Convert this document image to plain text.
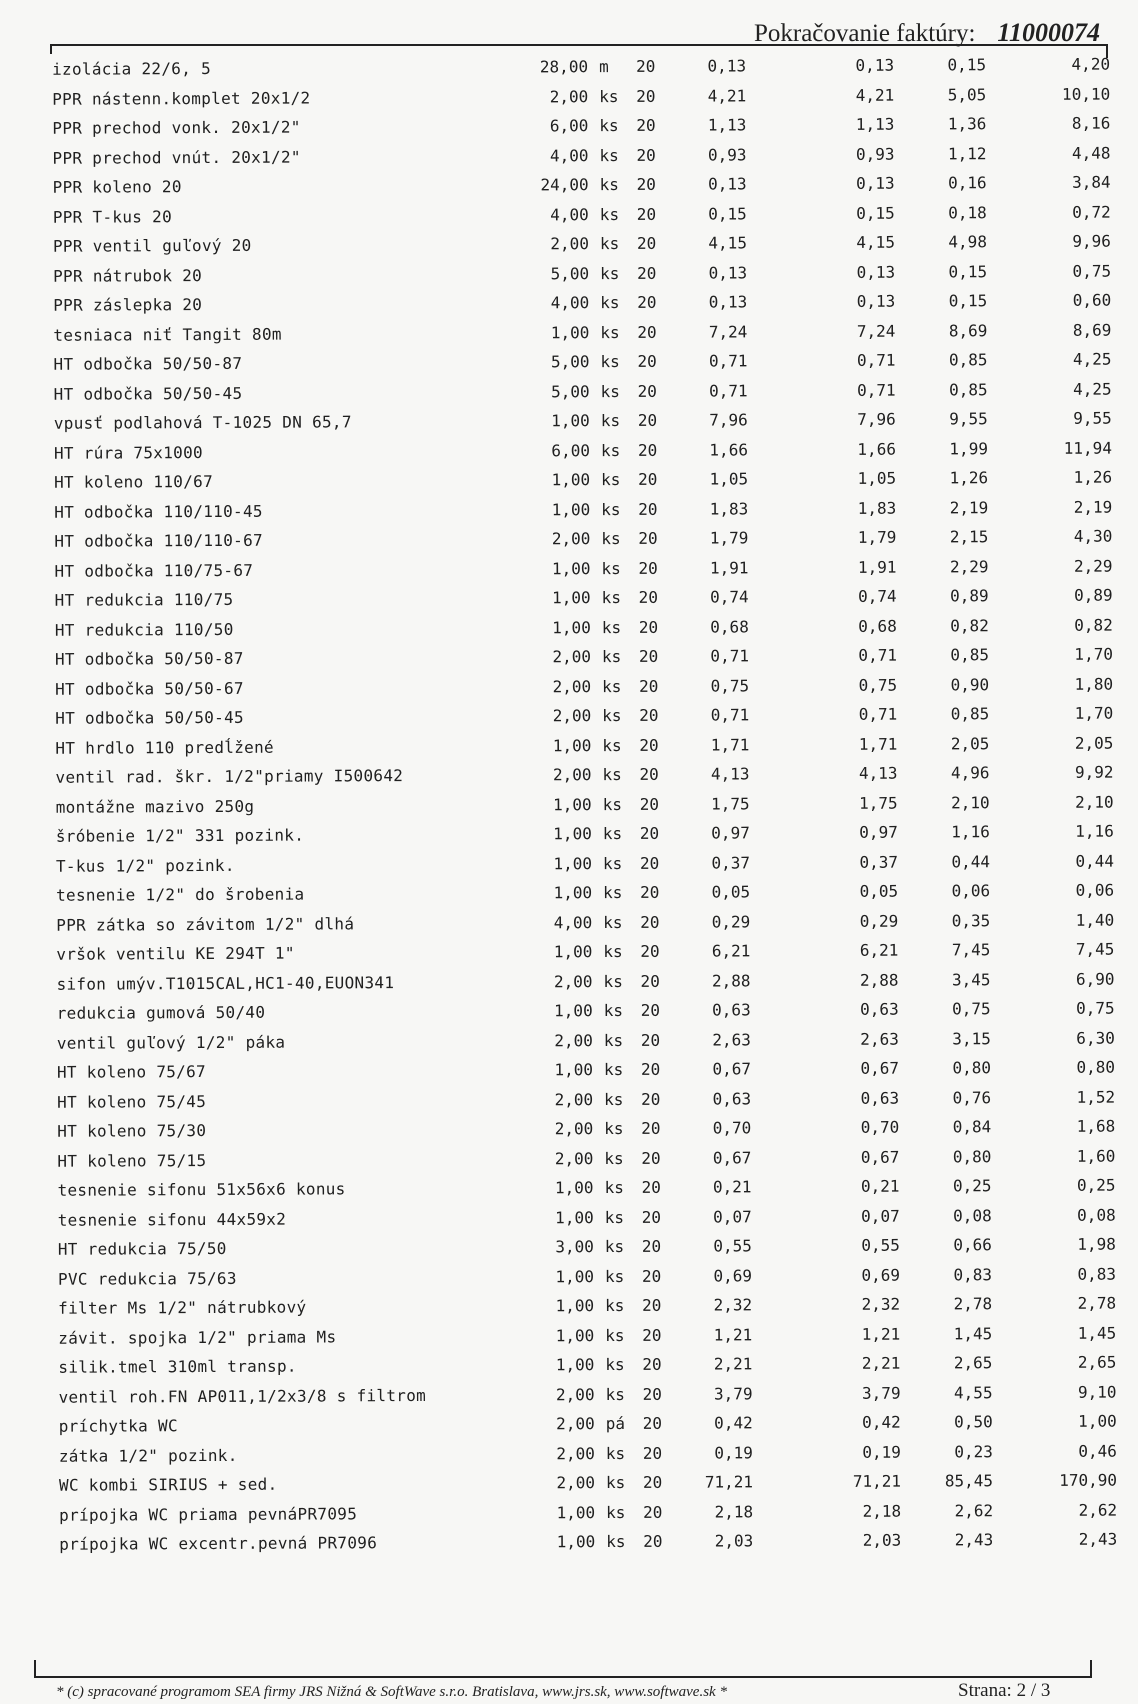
Pokračovanie faktúry: 11000074
izolácia 22/6, 5	28,00 m 20	0,13	0,13	0,15	4,20
PPR nástenn.komplet 20x1/2	2,00 ks 20	4,21	4,21	5,05	10,10
PPR prechod vonk. 20x1/2"	6,00 ks 20	1,13	1,13	1,36	8,16
PPR prechod vnút. 20x1/2"	4,00 ks 20	0,93	0,93	1,12	4,48
PPR koleno 20	24,00 ks 20	0,13	0,13	0,16	3,84
PPR T-kus 20	4,00 ks 20	0,15	0,15	0,18	0,72
PPR ventil guľový 20	2,00 ks 20	4,15	4,15	4,98	9,96
PPR nátrubok 20	5,00 ks 20	0,13	0,13	0,15	0,75
PPR záslepka 20	4,00 ks 20	0,13	0,13	0,15	0,60
tesniaca niť Tangit 80m	1,00 ks 20	7,24	7,24	8,69	8,69
HT odbočka 50/50-87	5,00 ks 20	0,71	0,71	0,85	4,25
HT odbočka 50/50-45	5,00 ks 20	0,71	0,71	0,85	4,25
vpusť podlahová T-1025 DN 65,7	1,00 ks 20	7,96	7,96	9,55	9,55
HT rúra 75x1000	6,00 ks 20	1,66	1,66	1,99	11,94
HT koleno 110/67	1,00 ks 20	1,05	1,05	1,26	1,26
HT odbočka 110/110-45	1,00 ks 20	1,83	1,83	2,19	2,19
HT odbočka 110/110-67	2,00 ks 20	1,79	1,79	2,15	4,30
HT odbočka 110/75-67	1,00 ks 20	1,91	1,91	2,29	2,29
HT redukcia 110/75	1,00 ks 20	0,74	0,74	0,89	0,89
HT redukcia 110/50	1,00 ks 20	0,68	0,68	0,82	0,82
HT odbočka 50/50-87	2,00 ks 20	0,71	0,71	0,85	1,70
HT odbočka 50/50-67	2,00 ks 20	0,75	0,75	0,90	1,80
HT odbočka 50/50-45	2,00 ks 20	0,71	0,71	0,85	1,70
HT hrdlo 110 predĺžené	1,00 ks 20	1,71	1,71	2,05	2,05
ventil rad. škr. 1/2"priamy I500642	2,00 ks 20	4,13	4,13	4,96	9,92
montážne mazivo 250g	1,00 ks 20	1,75	1,75	2,10	2,10
šróbenie 1/2" 331 pozink.	1,00 ks 20	0,97	0,97	1,16	1,16
T-kus 1/2" pozink.	1,00 ks 20	0,37	0,37	0,44	0,44
tesnenie 1/2" do šrobenia	1,00 ks 20	0,05	0,05	0,06	0,06
PPR zátka so závitom 1/2" dlhá	4,00 ks 20	0,29	0,29	0,35	1,40
vršok ventilu KE 294T 1"	1,00 ks 20	6,21	6,21	7,45	7,45
sifon umýv.T1015CAL,HC1-40,EUON341	2,00 ks 20	2,88	2,88	3,45	6,90
redukcia gumová 50/40	1,00 ks 20	0,63	0,63	0,75	0,75
ventil guľový 1/2" páka	2,00 ks 20	2,63	2,63	3,15	6,30
HT koleno 75/67	1,00 ks 20	0,67	0,67	0,80	0,80
HT koleno 75/45	2,00 ks 20	0,63	0,63	0,76	1,52
HT koleno 75/30	2,00 ks 20	0,70	0,70	0,84	1,68
HT koleno 75/15	2,00 ks 20	0,67	0,67	0,80	1,60
tesnenie sifonu 51x56x6 konus	1,00 ks 20	0,21	0,21	0,25	0,25
tesnenie sifonu 44x59x2	1,00 ks 20	0,07	0,07	0,08	0,08
HT redukcia 75/50	3,00 ks 20	0,55	0,55	0,66	1,98
PVC redukcia 75/63	1,00 ks 20	0,69	0,69	0,83	0,83
filter Ms 1/2" nátrubkový	1,00 ks 20	2,32	2,32	2,78	2,78
závit. spojka 1/2" priama Ms	1,00 ks 20	1,21	1,21	1,45	1,45
silik.tmel 310ml transp.	1,00 ks 20	2,21	2,21	2,65	2,65
ventil roh.FN AP011,1/2x3/8 s filtrom	2,00 ks 20	3,79	3,79	4,55	9,10
príchytka WC	2,00 pá 20	0,42	0,42	0,50	1,00
zátka 1/2" pozink.	2,00 ks 20	0,19	0,19	0,23	0,46
WC kombi SIRIUS + sed.	2,00 ks 20	71,21	71,21	85,45	170,90
prípojka WC priama pevnáPR7095	1,00 ks 20	2,18	2,18	2,62	2,62
prípojka WC excentr.pevná PR7096	1,00 ks 20	2,03	2,03	2,43	2,43
* (c) spracované programom SEA firmy JRS Nižná & SoftWave s.r.o. Bratislava, www.jrs.sk, www.softwave.sk *	Strana: 2 / 3
